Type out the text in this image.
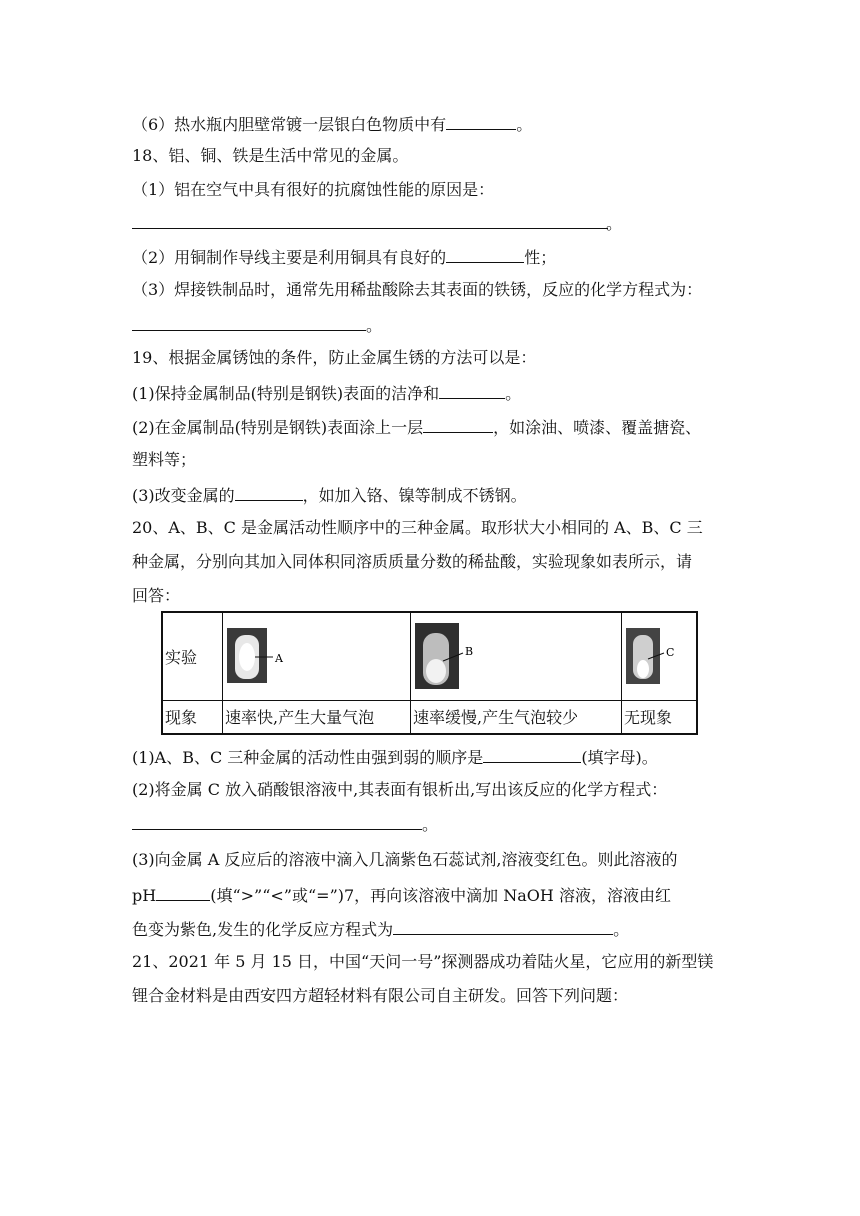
（6）热水瓶内胆壁常镀一层银白色物质中有	。
18、铝、铜、铁是生活中常见的金属。
（1）铝在空气中具有很好的抗腐蚀性能的原因是：
。
（2）用铜制作导线主要是利用铜具有良好的	性；
（3）焊接铁制品时，通常先用稀盐酸除去其表面的铁锈，反应的化学方程式为：
。
19、根据金属锈蚀的条件，防止金属生锈的方法可以是：
(1)保持金属制品(特别是钢铁)表面的洁净和	。
(2)在金属制品(特别是钢铁)表面涂上一层	，如涂油、喷漆、覆盖搪瓷、
塑料等；
(3)改变金属的	，如加入铬、镍等制成不锈钢。
20、A、B、C 是金属活动性顺序中的三种金属。取形状大小相同的 A、B、C 三
种金属，分别向其加入同体积同溶质质量分数的稀盐酸，实验现象如表所示，请
回答：
实验	A	B	C

现象	速率快,产生大量气泡	速率缓慢,产生气泡较少	无现象
(1)A、B、C 三种金属的活动性由强到弱的顺序是	(填字母)。
(2)将金属 C 放入硝酸银溶液中,其表面有银析出,写出该反应的化学方程式：
。
(3)向金属 A 反应后的溶液中滴入几滴紫色石蕊试剂,溶液变红色。则此溶液的
pH	(填“>”“<”或“=”)7，再向该溶液中滴加 NaOH 溶液，溶液由红
色变为紫色,发生的化学反应方程式为	。
21、2021 年 5 月 15 日，中国“天问一号”探测器成功着陆火星，它应用的新型镁
锂合金材料是由西安四方超轻材料有限公司自主研发。回答下列问题：
